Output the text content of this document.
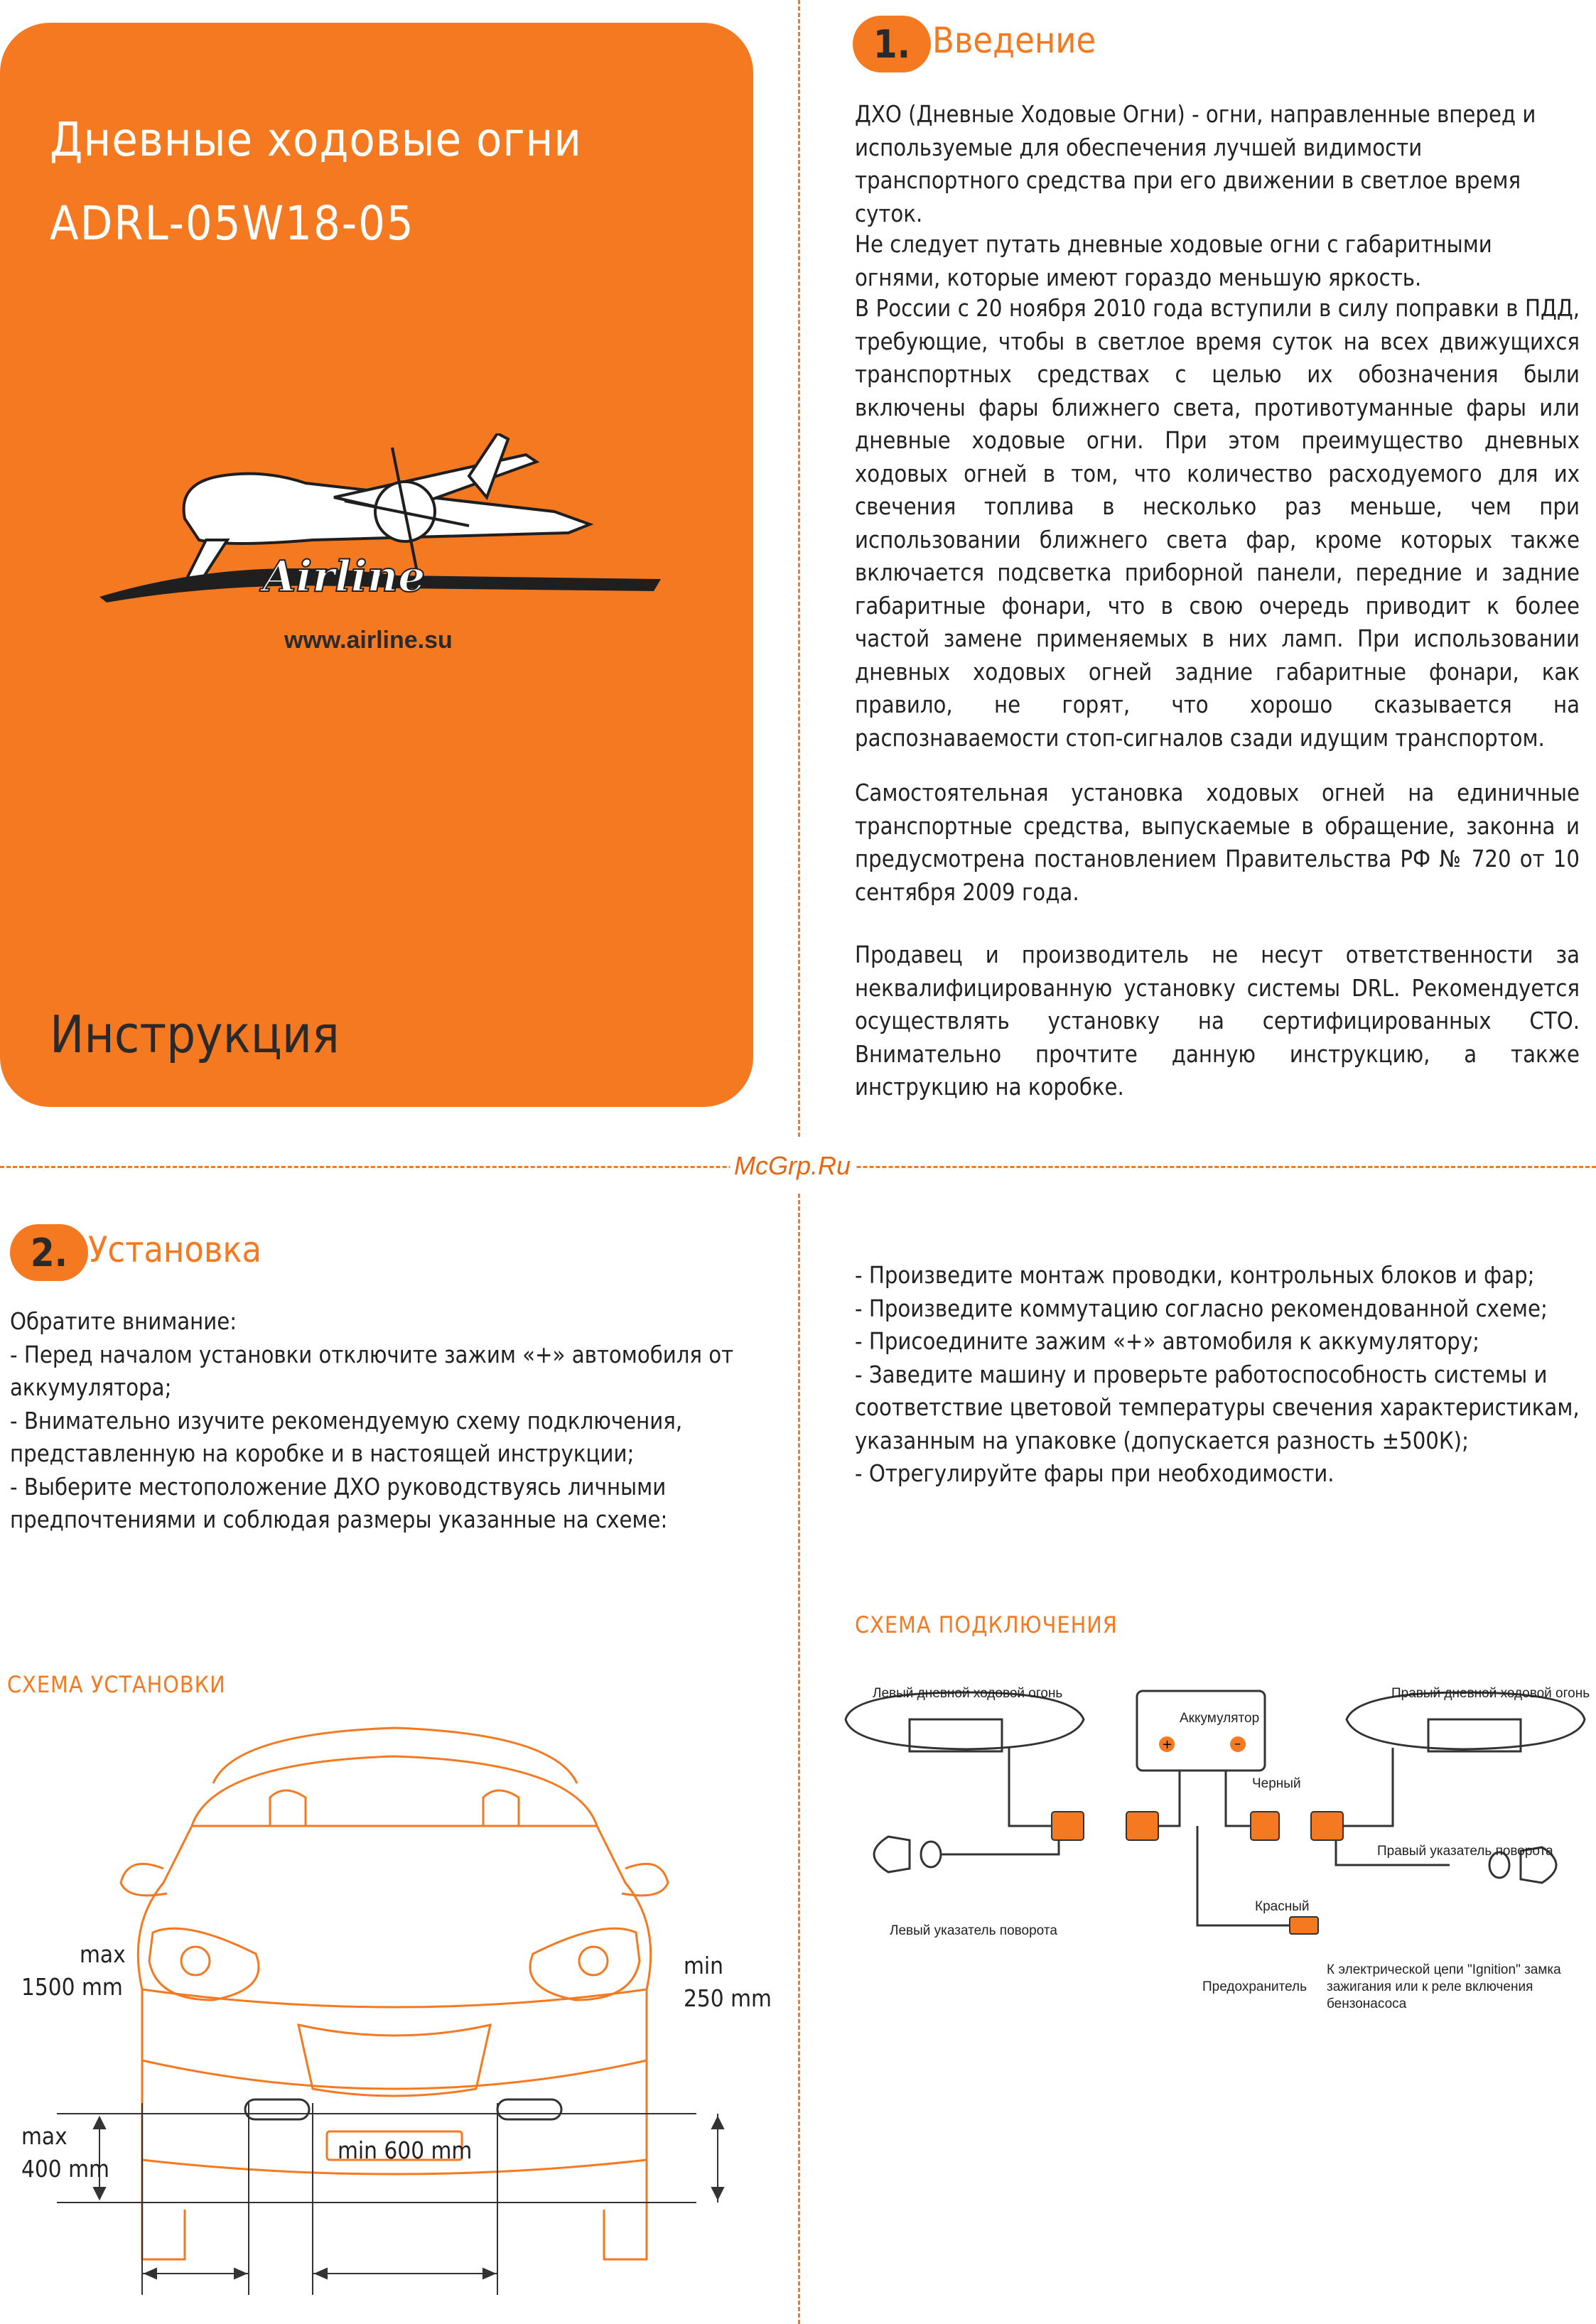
Дневные ходовые огни
ADRL-05W18-05
Airline
www.airline.su
Инструкция
McGrp.Ru
1. Введение
ДХО (Дневные Ходовые Огни) - огни, направленные вперед и используемые для обеспечения лучшей видимости транспортного средства при его движении в светлое время суток.
Не следует путать дневные ходовые огни с габаритными огнями, которые имеют гораздо меньшую яркость.
В России с 20 ноября 2010 года вступили в силу поправки в ПДД, требующие, чтобы в светлое время суток на всех движущихся транспортных средствах с целью их обозначения были включены фары ближнего света, противотуманные фары или дневные ходовые огни. При этом преимущество дневных ходовых огней в том, что количество расходуемого для их свечения топлива в несколько раз меньше, чем при использовании ближнего света фар, кроме которых также включается подсветка приборной панели, передние и задние габаритные фонари, что в свою очередь приводит к более частой замене применяемых в них ламп. При использовании дневных ходовых огней задние габаритные фонари, как правило, не горят, что хорошо сказывается на распознаваемости стоп-сигналов сзади идущим транспортом.
Самостоятельная установка ходовых огней на единичные транспортные средства, выпускаемые в обращение, законна и предусмотрена постановлением Правительства РФ № 720 от 10 сентября 2009 года.
Продавец и производитель не несут ответственности за неквалифицированную установку системы DRL. Рекомендуется осуществлять установку на сертифицированных СТО. Внимательно прочтите данную инструкцию, а также инструкцию на коробке.
2. Установка
Обратите внимание:
- Перед началом установки отключите зажим «+» автомобиля от
аккумулятора;
- Внимательно изучите рекомендуемую схему подключения,
представленную на коробке и в настоящей инструкции;
- Выберите местоположение ДХО руководствуясь личными
предпочтениями и соблюдая размеры указанные на схеме:
- Произведите монтаж проводки, контрольных блоков и фар;
- Произведите коммутацию согласно рекомендованной схеме;
- Присоедините зажим «+» автомобиля к аккумулятору;
- Заведите машину и проверьте работоспособность системы и
соответствие цветовой температуры свечения характеристикам,
указанным на упаковке (допускается разность ±500К);
- Отрегулируйте фары при необходимости.
СХЕМА УСТАНОВКИ
max
1500 mm
min
250 mm
max
400 mm
min 600 mm
СХЕМА ПОДКЛЮЧЕНИЯ
+	–
Левый дневной ходовой огонь	Правый дневной ходовой огонь
Аккумулятор
Черный
Красный
Левый указатель поворота
Правый указатель поворота
Предохранитель
К электрической цепи "Ignition" замка
зажигания или к реле включения
бензонасоса
